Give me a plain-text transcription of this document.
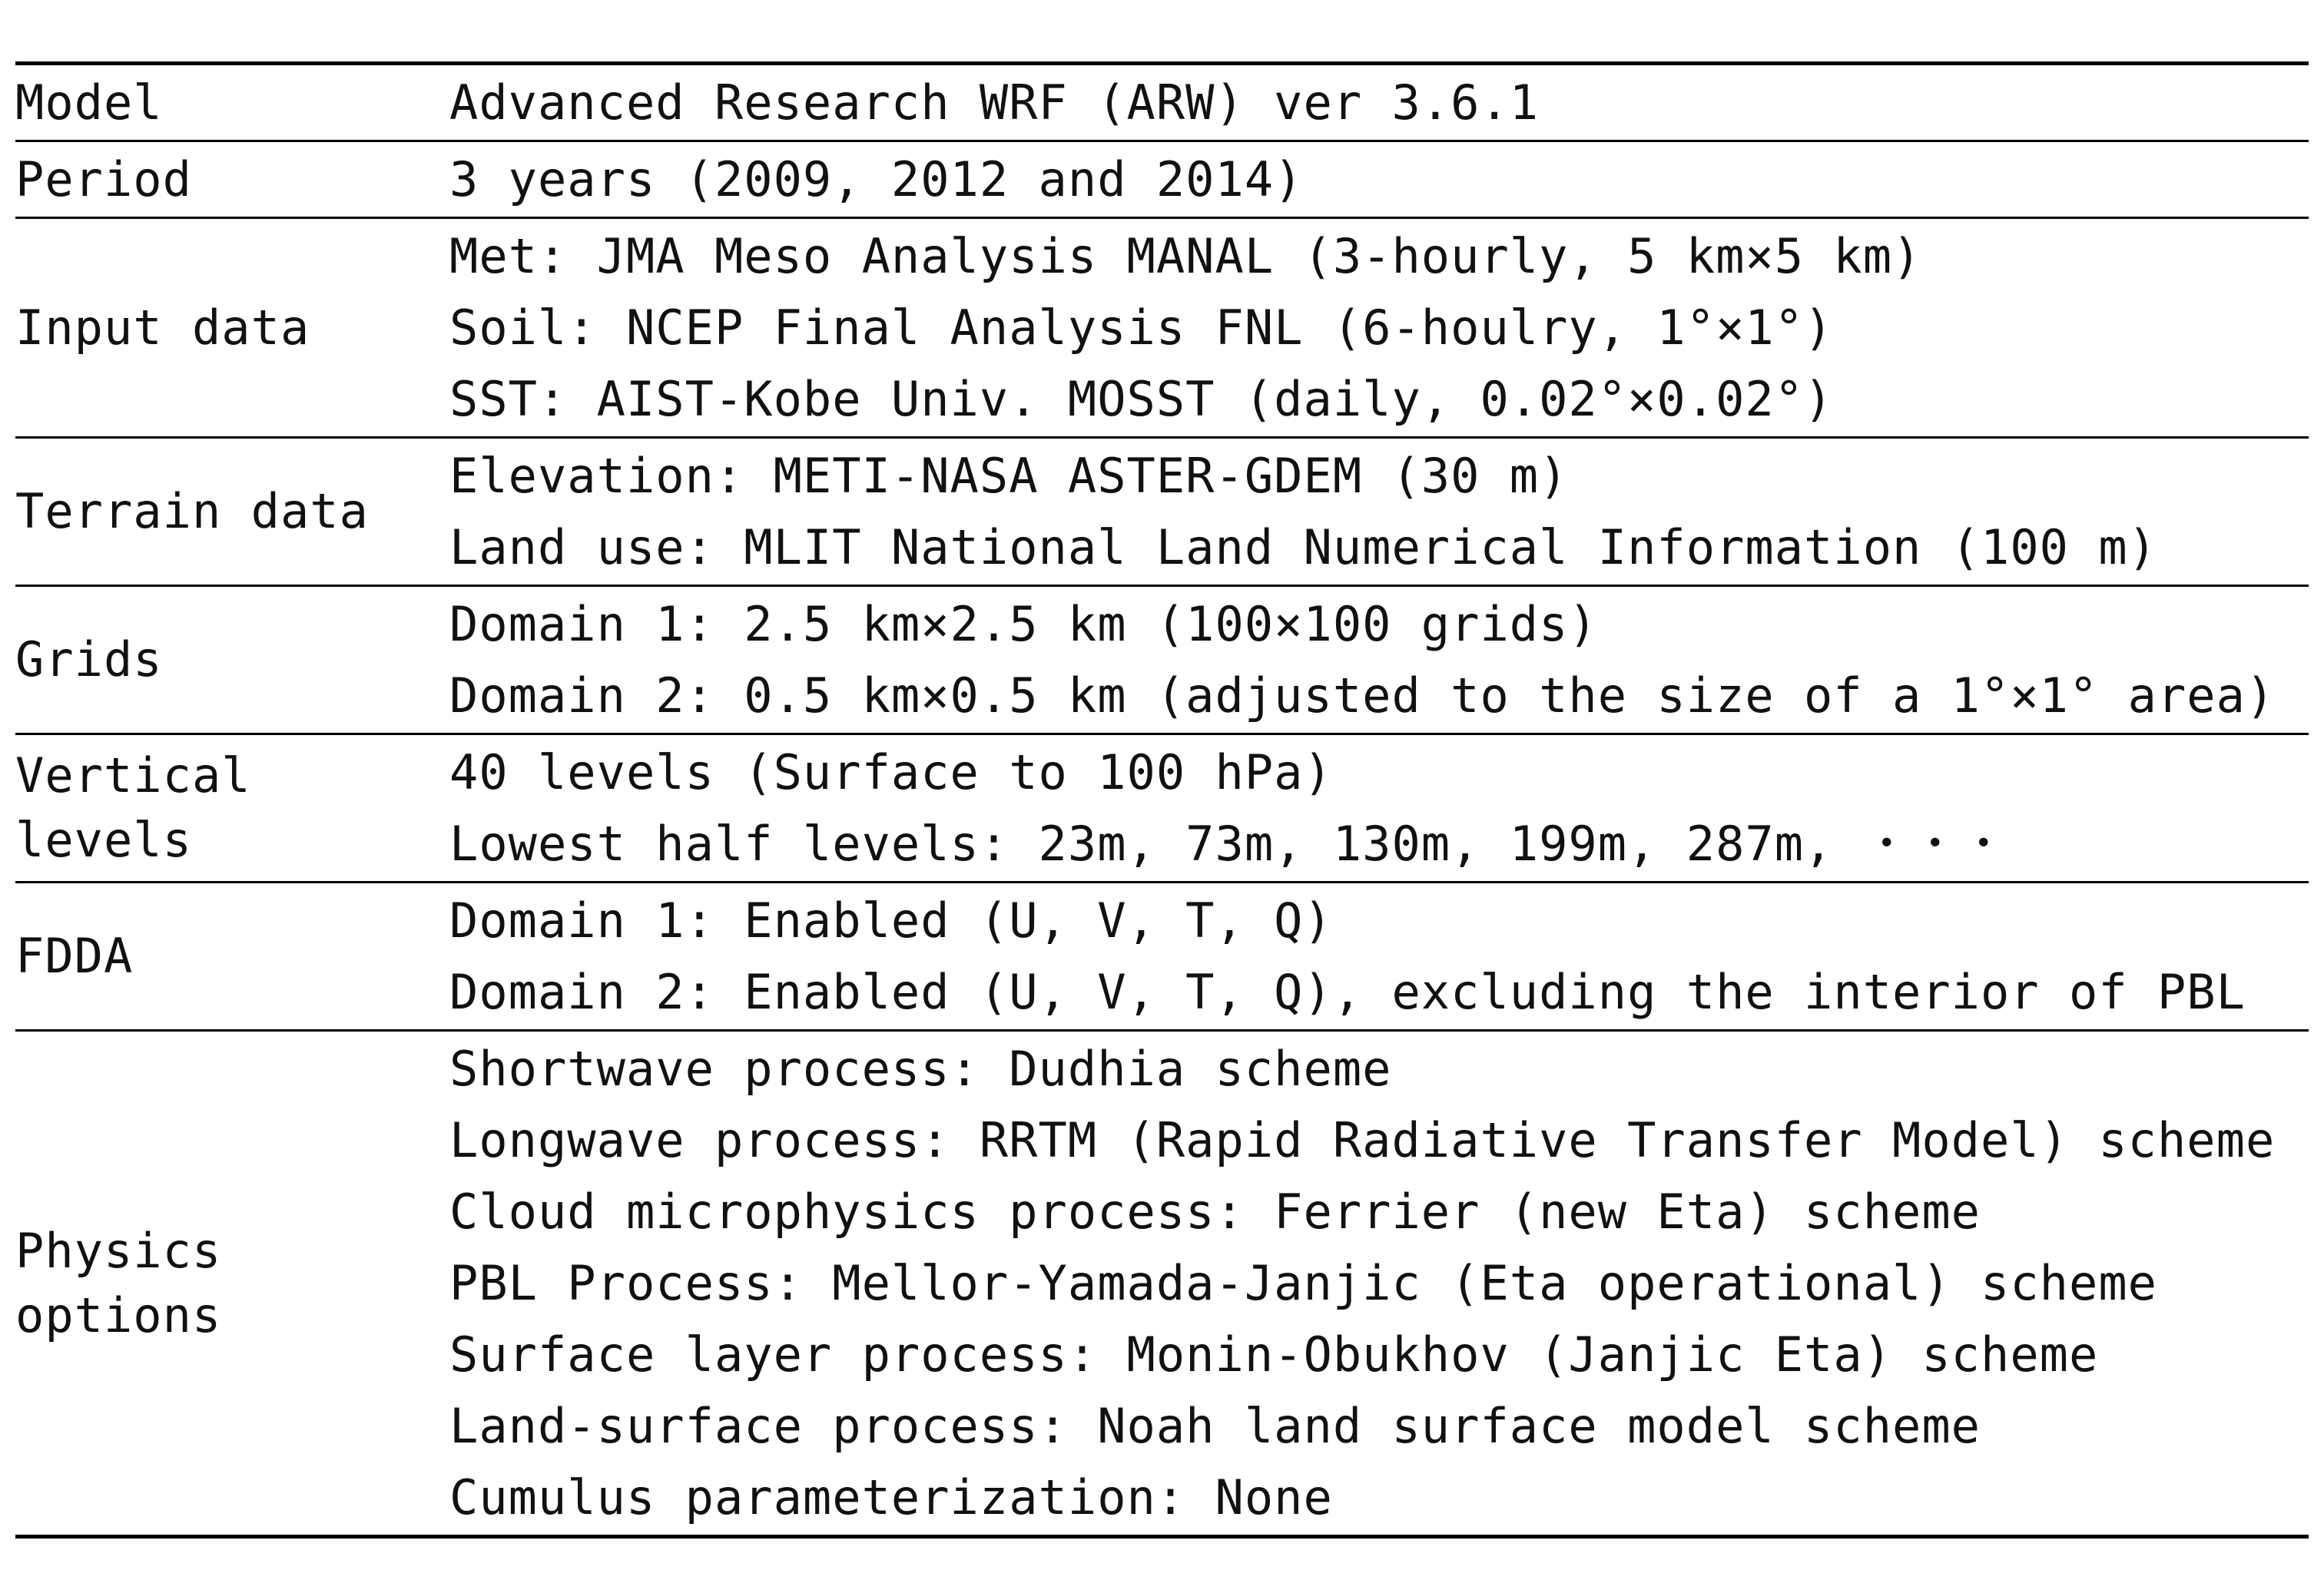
Model	Advanced Research WRF (ARW) ver 3.6.1
Period	3 years (2009, 2012 and 2014)
Input data
Met: JMA Meso Analysis MANAL (3-hourly, 5 km×5 km)
Soil: NCEP Final Analysis FNL (6-houlry, 1°×1°)
SST: AIST-Kobe Univ. MOSST (daily, 0.02°×0.02°)
Terrain data
Elevation: METI-NASA ASTER-GDEM (30 m)
Land use: MLIT National Land Numerical Information (100 m)
Grids
Domain 1: 2.5 km×2.5 km (100×100 grids)
Domain 2: 0.5 km×0.5 km (adjusted to the size of a 1°×1° area)
Vertical
levels
40 levels (Surface to 100 hPa)
Lowest half levels: 23m, 73m, 130m, 199m, 287m, ・・・
FDDA
Domain 1: Enabled (U, V, T, Q)
Domain 2: Enabled (U, V, T, Q), excluding the interior of PBL
Physics
options
Shortwave process: Dudhia scheme
Longwave process: RRTM (Rapid Radiative Transfer Model) scheme
Cloud microphysics process: Ferrier (new Eta) scheme
PBL Process: Mellor-Yamada-Janjic (Eta operational) scheme
Surface layer process: Monin-Obukhov (Janjic Eta) scheme
Land-surface process: Noah land surface model scheme
Cumulus parameterization: None
